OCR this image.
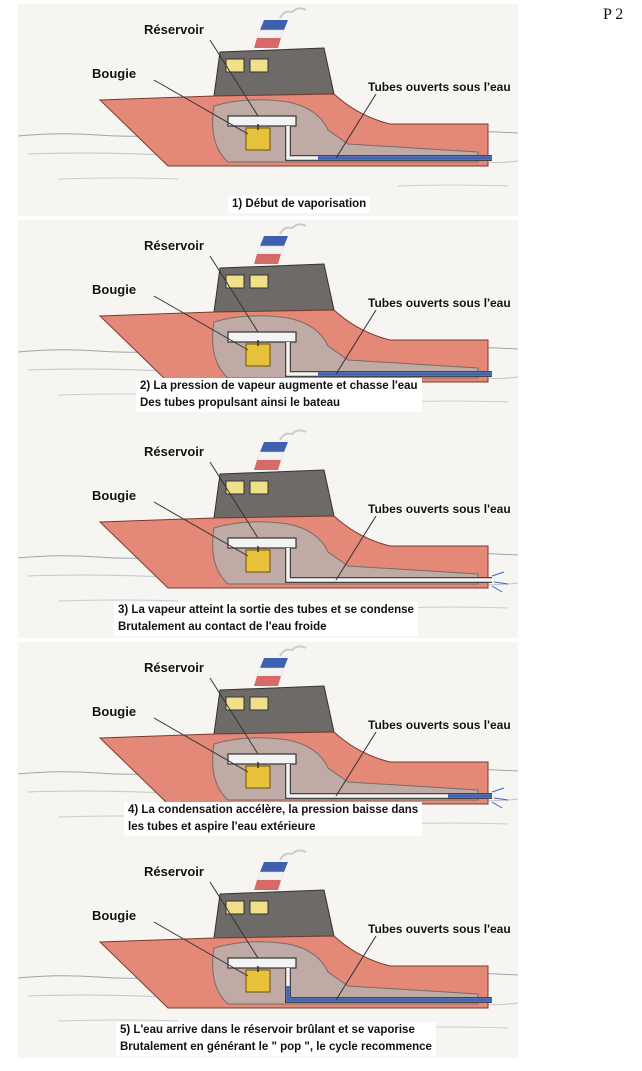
P 2
Réservoir
Bougie
Tubes ouverts sous l'eau
1) Début de vaporisation
Réservoir
Bougie
Tubes ouverts sous l'eau
2) La pression de vapeur augmente et chasse l'eau
Des tubes propulsant ainsi le bateau
Réservoir
Bougie
Tubes ouverts sous l'eau
3) La vapeur atteint la sortie des tubes et se condense
Brutalement au contact de l'eau froide
Réservoir
Bougie
Tubes ouverts sous l'eau
4) La condensation accélère, la pression baisse dans
les tubes et aspire l'eau extérieure
Réservoir
Bougie
Tubes ouverts sous l'eau
5) L'eau arrive dans le réservoir brûlant et se vaporise
Brutalement en générant le " pop ", le cycle recommence
